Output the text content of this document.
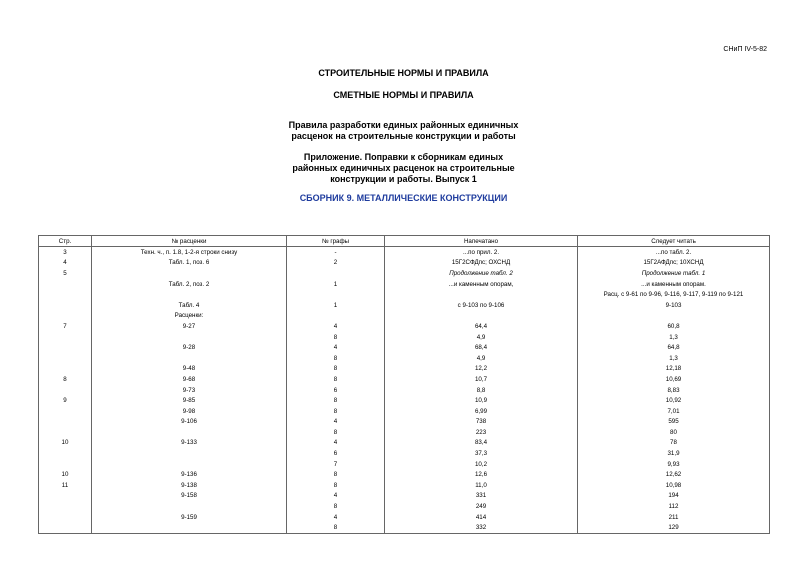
СНиП IV-5-82
СТРОИТЕЛЬНЫЕ НОРМЫ И ПРАВИЛА
СМЕТНЫЕ НОРМЫ И ПРАВИЛА
Правила разработки единых районных единичных
расценок на строительные конструкции и работы
Приложение. Поправки к сборникам единых
районных единичных расценок на строительные
конструкции и работы. Выпуск 1
СБОРНИК 9. МЕТАЛЛИЧЕСКИЕ КОНСТРУКЦИИ
Стр.	№ расценки	№ графы	Напечатано	Следует читать
3	Техн. ч., п. 1.8, 1-2-я строки снизу	-	...по прил. 2.	...по табл. 2.
4	Табл. 1, поз. 6	2	15Г2СФДпс; ОХСНД	15Г2АФДпс; 10ХСНД
5			Продолжение табл. 2	Продолжение табл. 1
	Табл. 2, поз. 2	1	...и каменным опорам,	...и каменным опорам.
				Расц. с 9-61 по 9-96, 9-116, 9-117, 9-119 по 9-121
	Табл. 4	1	с 9-103 по 9-106	9-103
	Расценки:			
7	9-27	4	64,4	60,8
		8	4,9	1,3
	9-28	4	68,4	64,8
		8	4,9	1,3
	9-48	8	12,2	12,18
8	9-68	8	10,7	10,69
	9-73	6	8,8	8,83
9	9-85	8	10,9	10,92
	9-98	8	6,99	7,01
	9-106	4	738	595
		8	223	80
10	9-133	4	83,4	78
		6	37,3	31,9
		7	10,2	9,93
10	9-136	8	12,6	12,62
11	9-138	8	11,0	10,98
	9-158	4	331	194
		8	249	112
	9-159	4	414	211
		8	332	129
